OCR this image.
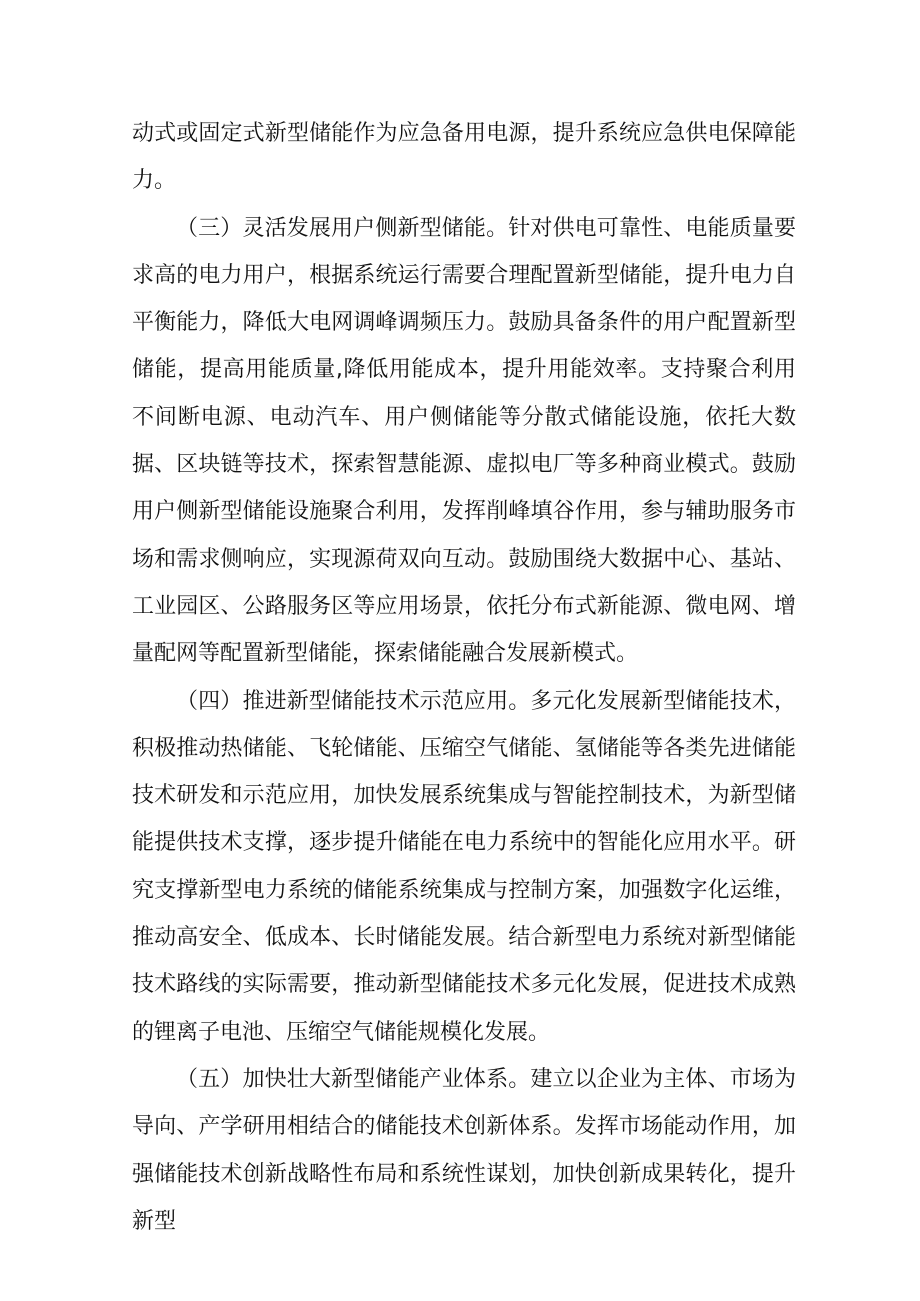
动式或固定式新型储能作为应急备用电源，提升系统应急供电保障能力。

（三）灵活发展用户侧新型储能。针对供电可靠性、电能质量要求高的电力用户，根据系统运行需要合理配置新型储能，提升电力自平衡能力，降低大电网调峰调频压力。鼓励具备条件的用户配置新型储能，提高用能质量,降低用能成本，提升用能效率。支持聚合利用不间断电源、电动汽车、用户侧储能等分散式储能设施，依托大数据、区块链等技术，探索智慧能源、虚拟电厂等多种商业模式。鼓励用户侧新型储能设施聚合利用，发挥削峰填谷作用，参与辅助服务市场和需求侧响应，实现源荷双向互动。鼓励围绕大数据中心、基站、工业园区、公路服务区等应用场景，依托分布式新能源、微电网、增量配网等配置新型储能，探索储能融合发展新模式。

（四）推进新型储能技术示范应用。多元化发展新型储能技术，积极推动热储能、飞轮储能、压缩空气储能、氢储能等各类先进储能技术研发和示范应用，加快发展系统集成与智能控制技术，为新型储能提供技术支撑，逐步提升储能在电力系统中的智能化应用水平。研究支撑新型电力系统的储能系统集成与控制方案，加强数字化运维，推动高安全、低成本、长时储能发展。结合新型电力系统对新型储能技术路线的实际需要，推动新型储能技术多元化发展，促进技术成熟的锂离子电池、压缩空气储能规模化发展。

（五）加快壮大新型储能产业体系。建立以企业为主体、市场为导向、产学研用相结合的储能技术创新体系。发挥市场能动作用，加强储能技术创新战略性布局和系统性谋划，加快创新成果转化，提升新型
